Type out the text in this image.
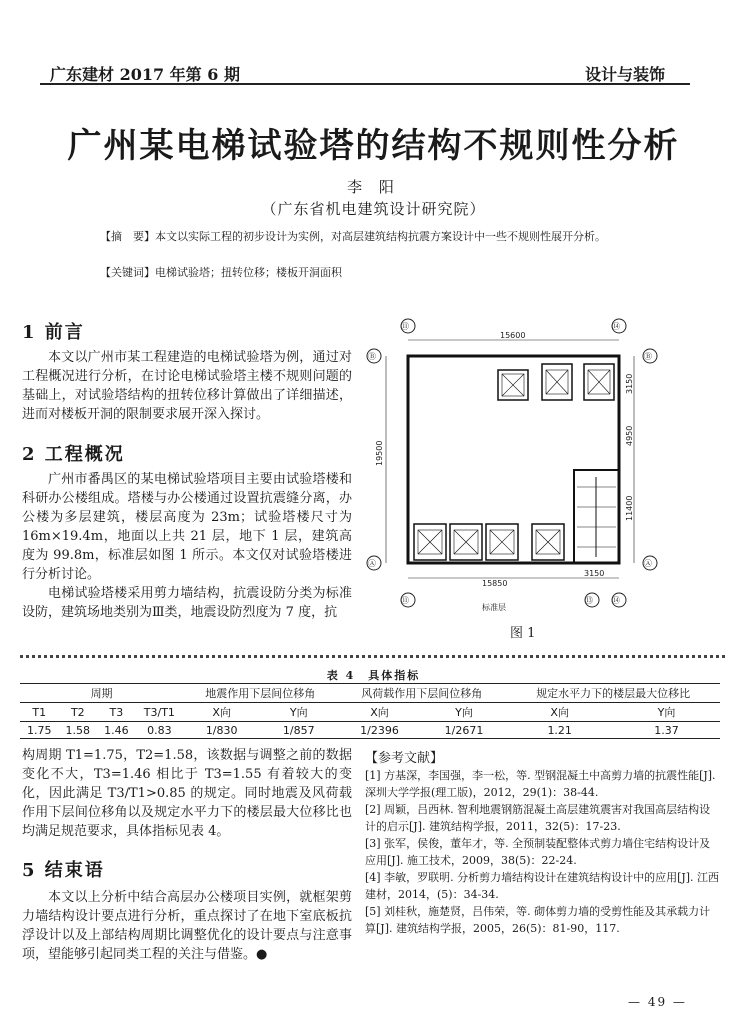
广东建材 2017 年第 6 期	设计与装饰
广州某电梯试验塔的结构不规则性分析
李 阳
（广东省机电建筑设计研究院）
【摘　要】本文以实际工程的初步设计为实例，对高层建筑结构抗震方案设计中一些不规则性展开分析。
【关键词】电梯试验塔；扭转位移；楼板开洞面积
1 前言

本文以广州市某工程建造的电梯试验塔为例，通过对工程概况进行分析，在讨论电梯试验塔主楼不规则问题的基础上，对试验塔结构的扭转位移计算做出了详细描述，进而对楼板开洞的限制要求展开深入探讨。

2 工程概况

广州市番禺区的某电梯试验塔项目主要由试验塔楼和科研办公楼组成。塔楼与办公楼通过设置抗震缝分离，办公楼为多层建筑，楼层高度为 23m；试验塔楼尺寸为 16m×19.4m，地面以上共 21 层，地下 1 层，建筑高度为 99.8m，标准层如图 1 所示。本文仅对试验塔楼进行分析讨论。

电梯试验塔楼采用剪力墙结构，抗震设防分类为标准设防，建筑场地类别为Ⅲ类，地震设防烈度为 7 度，抗

⑪	⑭
15600
Ⓑ
Ⓐ
19500
Ⓑ
Ⓐ
3150
4950
11400
15850
3150
⑪	⑬ ⑭
标准层
图 1
表 4　具体指标
周期				地震作用下层间位移角		风荷载作用下层间位移角		规定水平力下的楼层最大位移比	
T1	T2	T3	T3/T1	X向	Y向	X向	Y向	X向	Y向
1.75	1.58	1.46	0.83	1/830	1/857	1/2396	1/2671	1.21	1.37

构周期 T1=1.75，T2=1.58，该数据与调整之前的数据变化不大，T3=1.46 相比于 T3=1.55 有着较大的变化，因此满足 T3/T1>0.85 的规定。同时地震及风荷载作用下层间位移角以及规定水平力下的楼层最大位移比也均满足规范要求，具体指标见表 4。

5 结束语

本文以上分析中结合高层办公楼项目实例，就框架剪力墙结构设计要点进行分析，重点探讨了在地下室底板抗浮设计以及上部结构周期比调整优化的设计要点与注意事项，望能够引起同类工程的关注与借鉴。●

【参考文献】
[1] 方基深，李国强，李一松，等. 型钢混凝土中高剪力墙的抗震性能[J]. 深圳大学学报(理工版)，2012，29(1)：38-44.
[2] 周颖，吕西林. 智利地震钢筋混凝土高层建筑震害对我国高层结构设计的启示[J]. 建筑结构学报，2011，32(5)：17-23.
[3] 张军，侯俊，董年才，等. 全预制装配整体式剪力墙住宅结构设计及应用[J]. 施工技术，2009，38(5)：22-24.
[4] 李敏，罗联明. 分析剪力墙结构设计在建筑结构设计中的应用[J]. 江西建材，2014，(5)：34-34.
[5] 刘桂秋，施楚贤，吕伟荣，等. 砌体剪力墙的受剪性能及其承载力计算[J]. 建筑结构学报，2005，26(5)：81-90，117.
— 49 —
